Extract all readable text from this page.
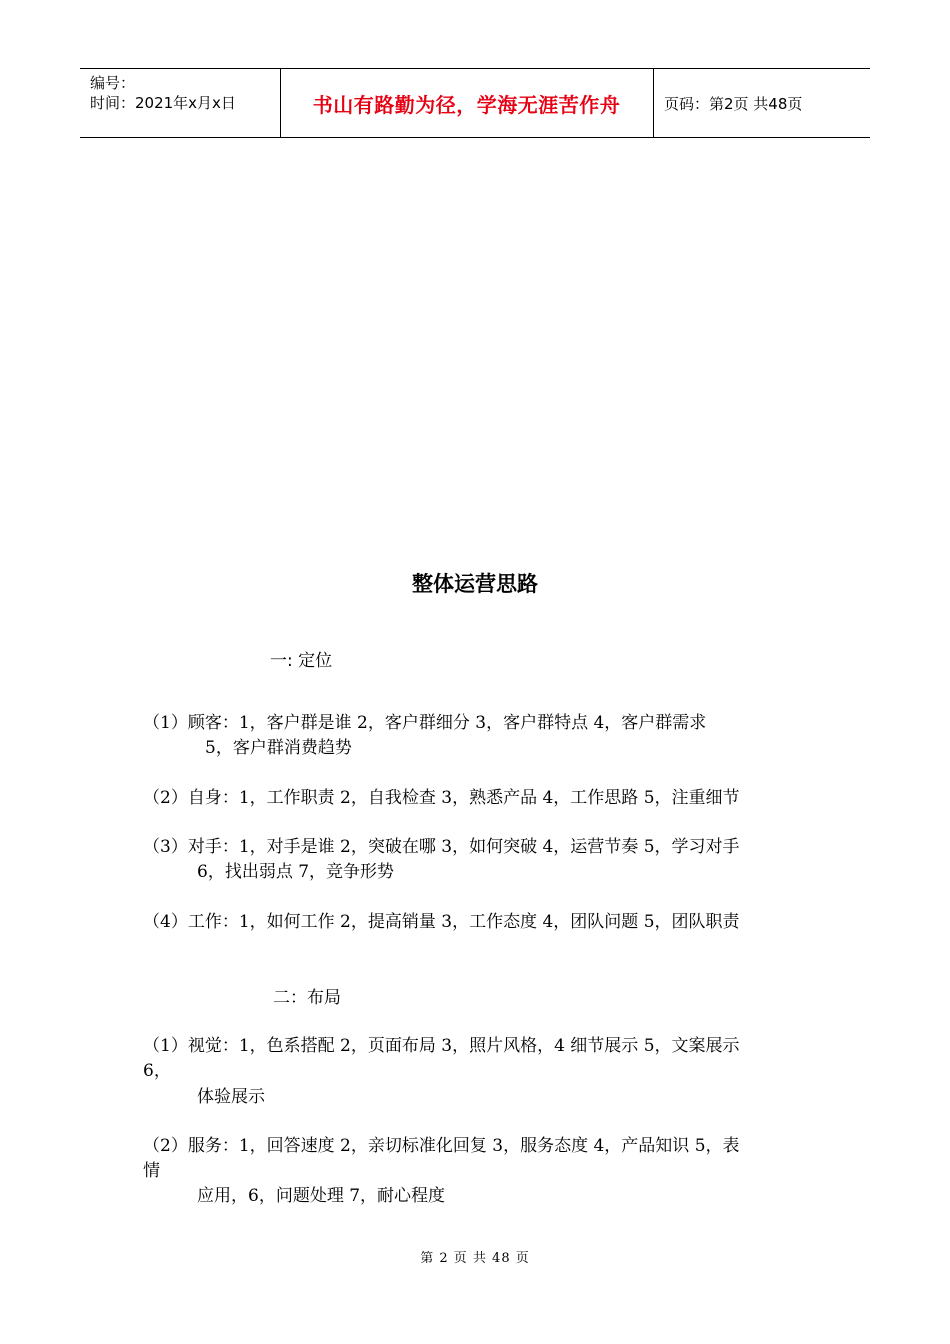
编号：
时间：2021年x月x日	书山有路勤为径，学海无涯苦作舟	页码：第2页 共48页
整体运营思路
一: 定位
（1）顾客：1，客户群是谁 2，客户群细分 3，客户群特点 4，客户群需求
5，客户群消费趋势
（2）自身：1，工作职责 2，自我检查 3，熟悉产品 4，工作思路 5，注重细节
（3）对手：1，对手是谁 2，突破在哪 3，如何突破 4，运营节奏 5，学习对手
6，找出弱点 7，竞争形势
（4）工作：1，如何工作 2，提高销量 3，工作态度 4，团队问题 5，团队职责
二：布局
（1）视觉：1，色系搭配 2，页面布局 3，照片风格，4 细节展示 5，文案展示
6，
体验展示
（2）服务：1，回答速度 2，亲切标准化回复 3，服务态度 4，产品知识 5，表
情
应用，6，问题处理 7，耐心程度
第 2 页 共 48 页
